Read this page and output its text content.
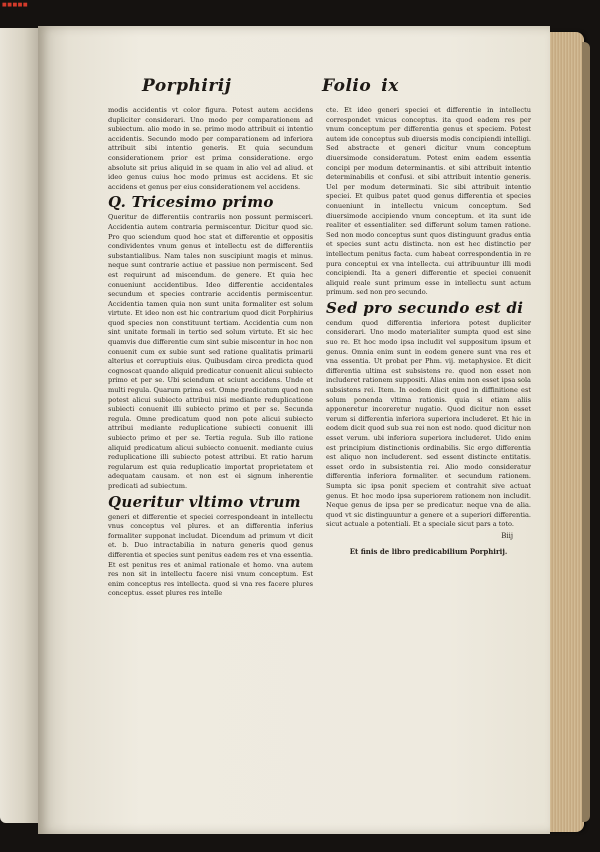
■■■■■
Porphirij	Folio ix

modis accidentis vt color figura. Potest autem accidens dupliciter considerari. Uno modo per comparationem ad subiectum. alio modo in se. primo modo attribuit ei intentio accidentis. Secundo modo per comparationem ad inferiora attribuit sibi intentio generis. Et quia secundum considerationem prior est prima consideratione. ergo absolute sit prius aliquid in se quam in alio vel ad aliud. et ideo genus cuius hoc modo primus est accidens. Et sic accidens et genus per eius considerationem vel accidens.

Q. Tricesimo primo

Queritur de differentiis contrariis non possunt permisceri. Accidentia autem contraria permiscentur. Dicitur quod sic. Pro quo sciendum quod hoc stat et differentie et oppositis condividentes vnum genus et intellectu est de differentiis substantialibus. Nam tales non suscipiunt magis et minus. neque sunt contrarie actiue et passiue non permiscent. Sed est requirunt ad miscendum. de genere. Et quia hec conueniunt accidentibus. Ideo differentie accidentales secundum et species contrarie accidentis permiscentur. Accidentia tamen quia non sunt unita formaliter est solum virtute. Et ideo non est hic contrarium quod dicit Porphirius quod species non constituunt tertiam. Accidentia cum non sint unitate formali in tertio sed solum virtute. Et sic hec quamvis due differentie cum sint subie miscentur in hoc non conuenit cum ex subie sunt sed ratione qualitatis primarii alterius et corruptiuis eius. Quibusdam circa predicta quod cognoscat quando aliquid predicatur conuenit alicui subiecto primo et per se. Ubi sciendum et sciunt accidens. Unde et multi regula. Quarum prima est. Omne predicatum quod non potest alicui subiecto attribui nisi mediante reduplicatione subiecti conuenit illi subiecto primo et per se. Secunda regula. Omne predicatum quod non pote alicui subiecto attribui mediante reduplicatione subiecti conuenit illi subiecto primo et per se. Tertia regula. Sub illo ratione aliquid predicatum alicui subiecto conuenit. mediante cuius reduplicatione illi subiecto potest attribui. Et ratio harum regularum est quia reduplicatio importat proprietatem et adequatam causam. et non est ei signum inherentie predicati ad subiectum.

Queritur vltimo vtrum

generi et differentie et speciei correspondeant in intellectu vnus conceptus vel plures. et an differentia inferius formaliter supponat includat. Dicendum ad primum vt dicit et. b. Duo intractabilia in natura generis quod genus differentia et species sunt penitus eadem res et vna essentia. Et est penitus res et animal rationale et homo. vna autem res non sit in intellectu facere nisi vnum conceptum. Est enim conceptus res intellecta. quod si vna res facere plures conceptus. esset plures res intelle

cte. Et ideo generi speciei et differentie in intellectu correspondet vnicus conceptus. ita quod eadem res per vnum conceptum per differentia genus et speciem. Potest autem ide conceptus sub diuersis modis concipiendi intelligi. Sed abstracte et generi dicitur vnum conceptum diuersimode consideratum. Potest enim eadem essentia concipi per modum determinantis. et sibi attribuit intentio determinabilis et confusi. et sibi attribuit intentio generis. Uel per modum determinati. Sic sibi attribuit intentio speciei. Et quibus patet quod genus differentia et species conueniunt in intellectu vnicum conceptum. Sed diuersimode accipiendo vnum conceptum. et ita sunt ide realiter et essentialiter. sed differunt solum tamen ratione. Sed non modo conceptus sunt quos distinguunt gradus entia et species sunt actu distincta. non est hec distinctio per intellectum penitus facta. cum habeat correspondentia in re pura conceptui ex vna intellecta. cui attribuuntur illi modi concipiendi. Ita a generi differentie et speciei conuenit aliquid reale sunt primum esse in intellectu sunt actum primum. sed non pro secundo.

Sed pro secundo est di

cendum quod differentia inferiora potest dupliciter considerari. Uno modo materialiter sumpta quod est sine suo re. Et hoc modo ipsa includit vel suppositum ipsum et genus. Omnia enim sunt in eodem genere sunt vna res et vna essentia. Ut probat per Phm. vij. metaphysice. Et dicit differentia ultima est subsistens re. quod non esset non includeret rationem suppositi. Alias enim non esset ipsa sola subsistens rei. Item. In eodem dicit quod in diffinitione est solum ponenda vltima rationis. quia si etiam aliis apponeretur incoreretur nugatio. Quod dicitur non esset verum si differentia inferiora superiora includeret. Et hic in eodem dicit quod sub sua rei non est nodo. quod dicitur non esset verum. ubi inferiora superiora includeret. Uido enim est principium distinctionis ordinabilis. Sic ergo differentia est aliquo non includerent. sed essent distincte entitatis. esset ordo in subsistentia rei. Alio modo consideratur differentia inferiora formaliter. et secundum rationem. Sumpta sic ipsa ponit speciem et contrahit sive actuat genus. Et hoc modo ipsa superiorem rationem non includit. Neque genus de ipsa per se predicatur. neque vna de alia. quod vt sic distinguuntur a genere et a superiori differentia. sicut actuale a potentiali. Et a speciale sicut pars a toto.

Biij
Et finis de libro predicabilium Porphirij.
